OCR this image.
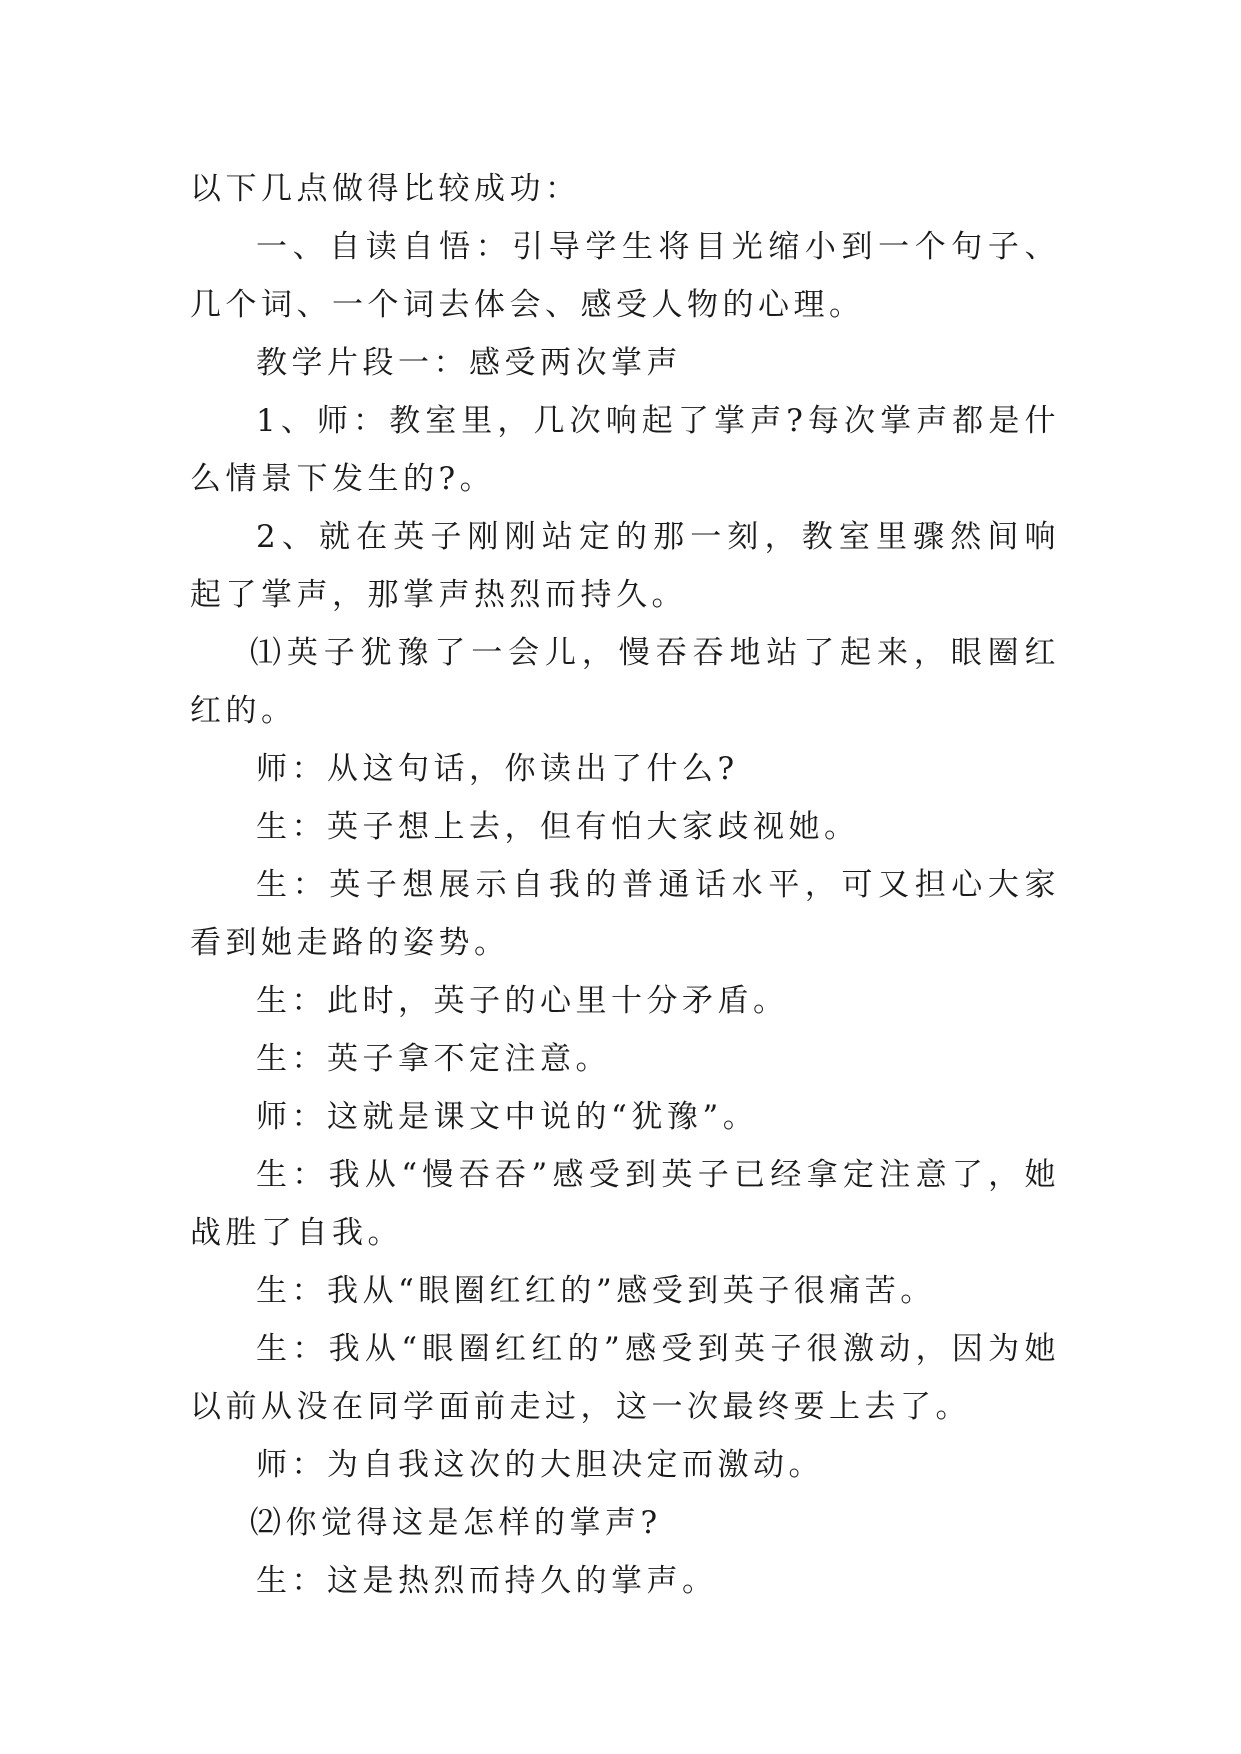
以下几点做得比较成功：

一、自读自悟：引导学生将目光缩小到一个句子、几个词、一个词去体会、感受人物的心理。

教学片段一：感受两次掌声

1、师：教室里，几次响起了掌声?每次掌声都是什么情景下发生的?。

2、就在英子刚刚站定的那一刻，教室里骤然间响起了掌声，那掌声热烈而持久。

⑴英子犹豫了一会儿，慢吞吞地站了起来，眼圈红红的。

师：从这句话，你读出了什么?

生：英子想上去，但有怕大家歧视她。

生：英子想展示自我的普通话水平，可又担心大家看到她走路的姿势。

生：此时，英子的心里十分矛盾。

生：英子拿不定注意。

师：这就是课文中说的“犹豫”。

生：我从“慢吞吞”感受到英子已经拿定注意了，她战胜了自我。

生：我从“眼圈红红的”感受到英子很痛苦。

生：我从“眼圈红红的”感受到英子很激动，因为她以前从没在同学面前走过，这一次最终要上去了。

师：为自我这次的大胆决定而激动。

⑵你觉得这是怎样的掌声?

生：这是热烈而持久的掌声。
